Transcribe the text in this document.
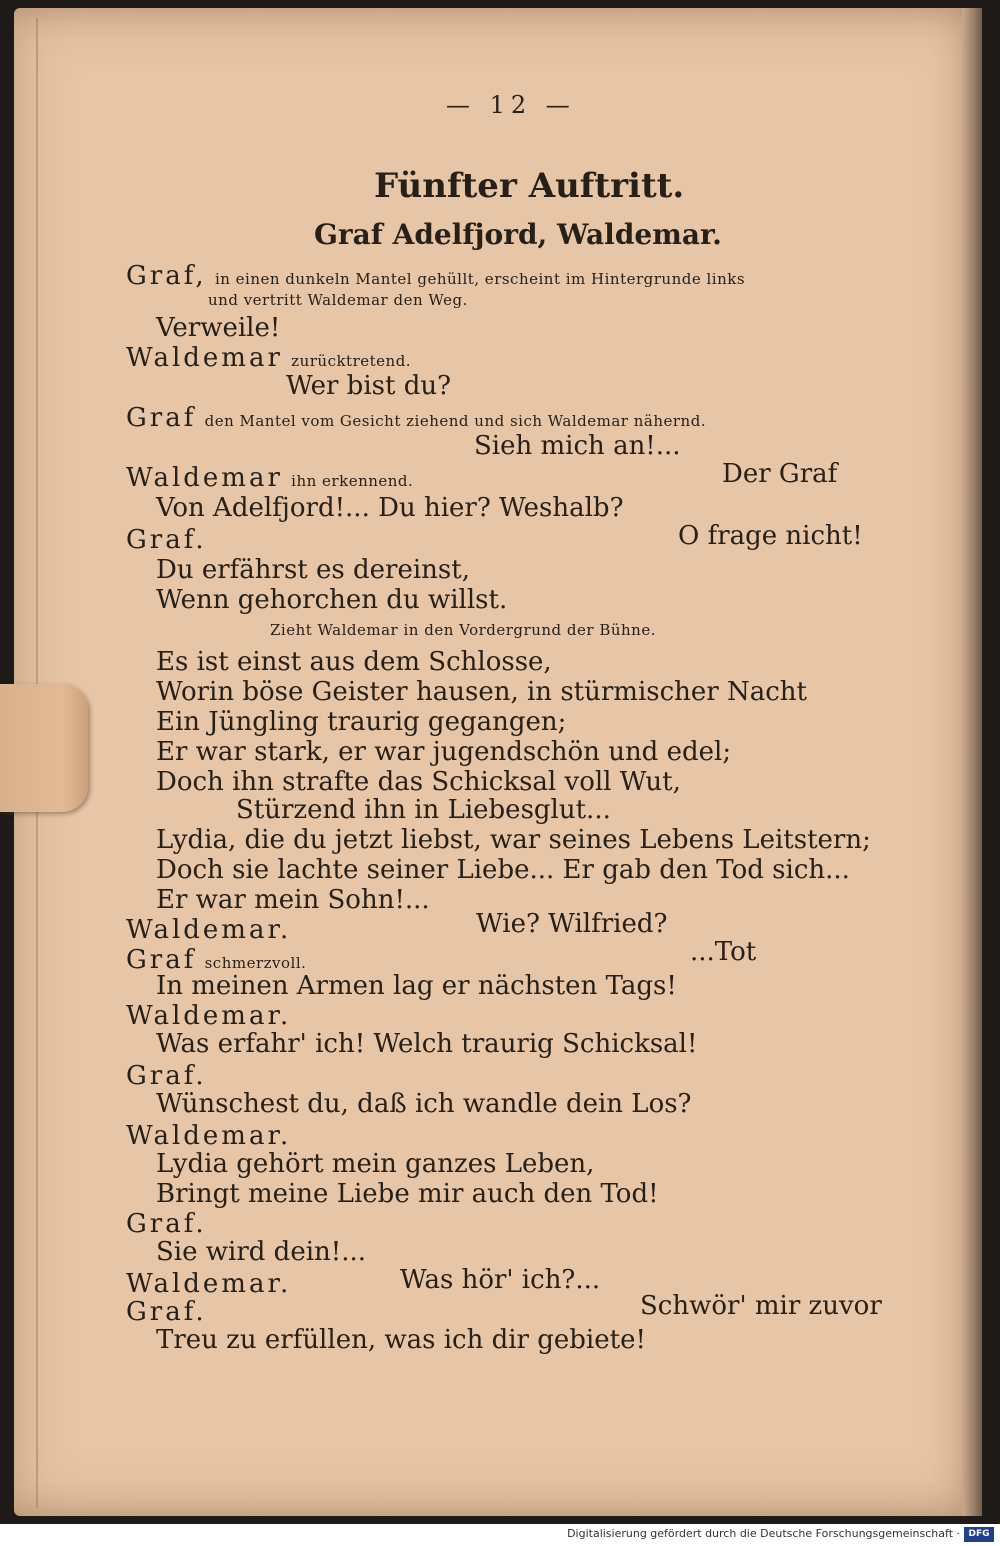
— 12 —

Fünfter Auftritt.

Graf Adelfjord, Waldemar.

Graf, in einen dunkeln Mantel gehüllt, erscheint im Hintergrunde links

und vertritt Waldemar den Weg.

Verweile!

Waldemar zurücktretend.

Wer bist du?

Graf den Mantel vom Gesicht ziehend und sich Waldemar nähernd.

Sieh mich an!...

Waldemar ihn erkennend.	Der Graf

Von Adelfjord!... Du hier? Weshalb?

Graf.	O frage nicht!

Du erfährst es dereinst,

Wenn gehorchen du willst.

Zieht Waldemar in den Vordergrund der Bühne.

Es ist einst aus dem Schlosse,

Worin böse Geister hausen, in stürmischer Nacht

Ein Jüngling traurig gegangen;

Er war stark, er war jugendschön und edel;

Doch ihn strafte das Schicksal voll Wut,

Stürzend ihn in Liebesglut...

Lydia, die du jetzt liebst, war seines Lebens Leitstern;

Doch sie lachte seiner Liebe... Er gab den Tod sich...

Er war mein Sohn!...

Waldemar.	Wie? Wilfried?

Graf schmerzvoll.	...Tot

In meinen Armen lag er nächsten Tags!

Waldemar.

Was erfahr' ich! Welch traurig Schicksal!

Graf.

Wünschest du, daß ich wandle dein Los?

Waldemar.

Lydia gehört mein ganzes Leben,

Bringt meine Liebe mir auch den Tod!

Graf.

Sie wird dein!...

Waldemar.	Was hör' ich?...

Graf.	Schwör' mir zuvor

Treu zu erfüllen, was ich dir gebiete!

Digitalisierung gefördert durch die Deutsche Forschungsgemeinschaft · DFG
